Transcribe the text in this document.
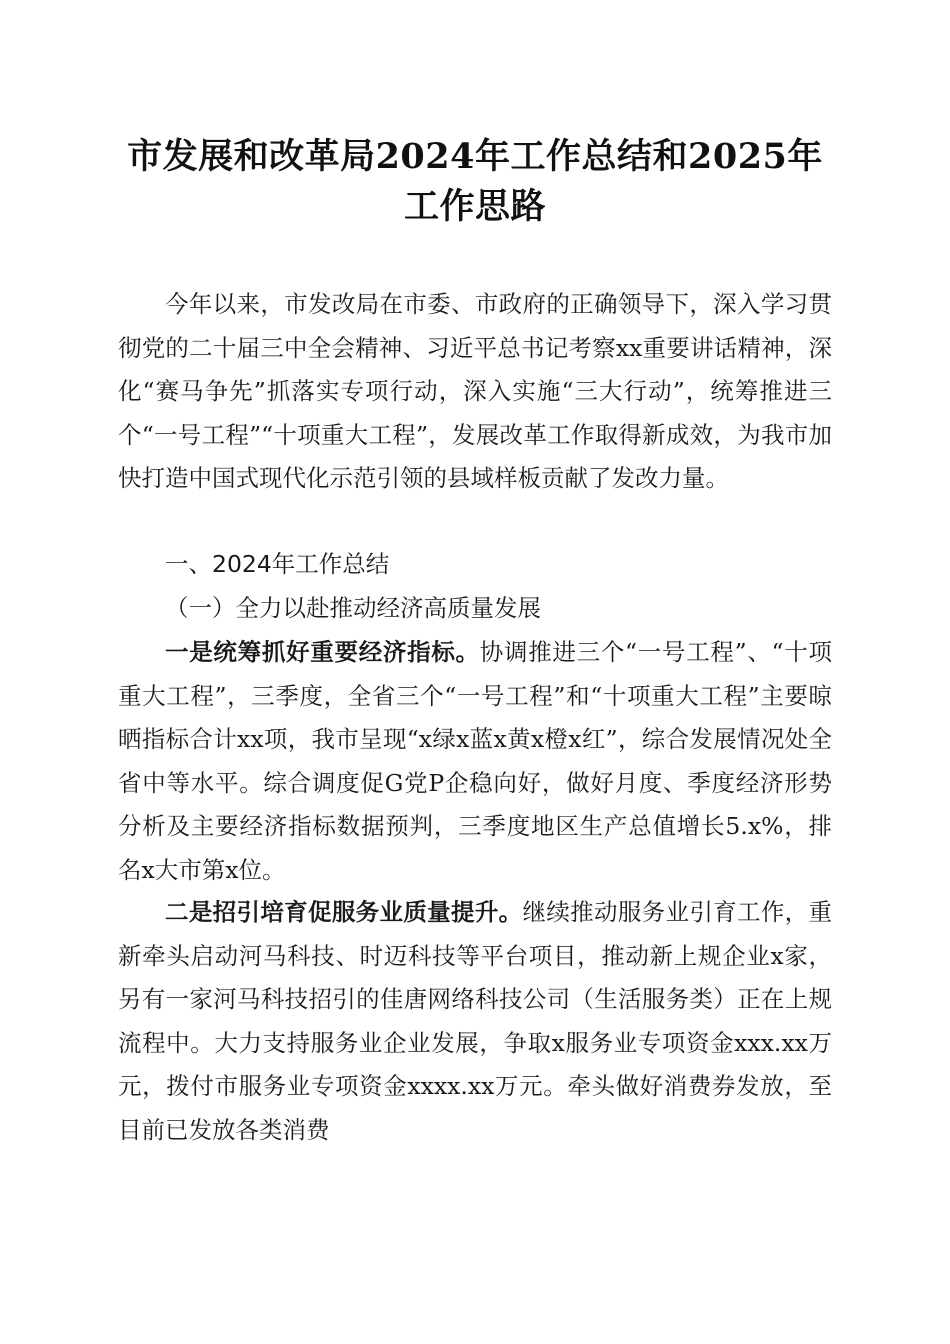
市发展和改革局2024年工作总结和2025年工作思路

今年以来，市发改局在市委、市政府的正确领导下，深入学习贯彻党的二十届三中全会精神、习近平总书记考察xx重要讲话精神，深化“赛马争先”抓落实专项行动，深入实施“三大行动”，统筹推进三个“一号工程”“十项重大工程”，发展改革工作取得新成效，为我市加快打造中国式现代化示范引领的县域样板贡献了发改力量。

一、2024年工作总结

（一）全力以赴推动经济高质量发展

一是统筹抓好重要经济指标。协调推进三个“一号工程”、“十项重大工程”，三季度，全省三个“一号工程”和“十项重大工程”主要晾晒指标合计xx项，我市呈现“x绿x蓝x黄x橙x红”，综合发展情况处全省中等水平。综合调度促G党P企稳向好，做好月度、季度经济形势分析及主要经济指标数据预判，三季度地区生产总值增长5.x%，排名x大市第x位。

二是招引培育促服务业质量提升。继续推动服务业引育工作，重新牵头启动河马科技、时迈科技等平台项目，推动新上规企业x家，另有一家河马科技招引的佳唐网络科技公司（生活服务类）正在上规流程中。大力支持服务业企业发展，争取x服务业专项资金xxx.xx万元，拨付市服务业专项资金xxxx.xx万元。牵头做好消费券发放，至目前已发放各类消费
